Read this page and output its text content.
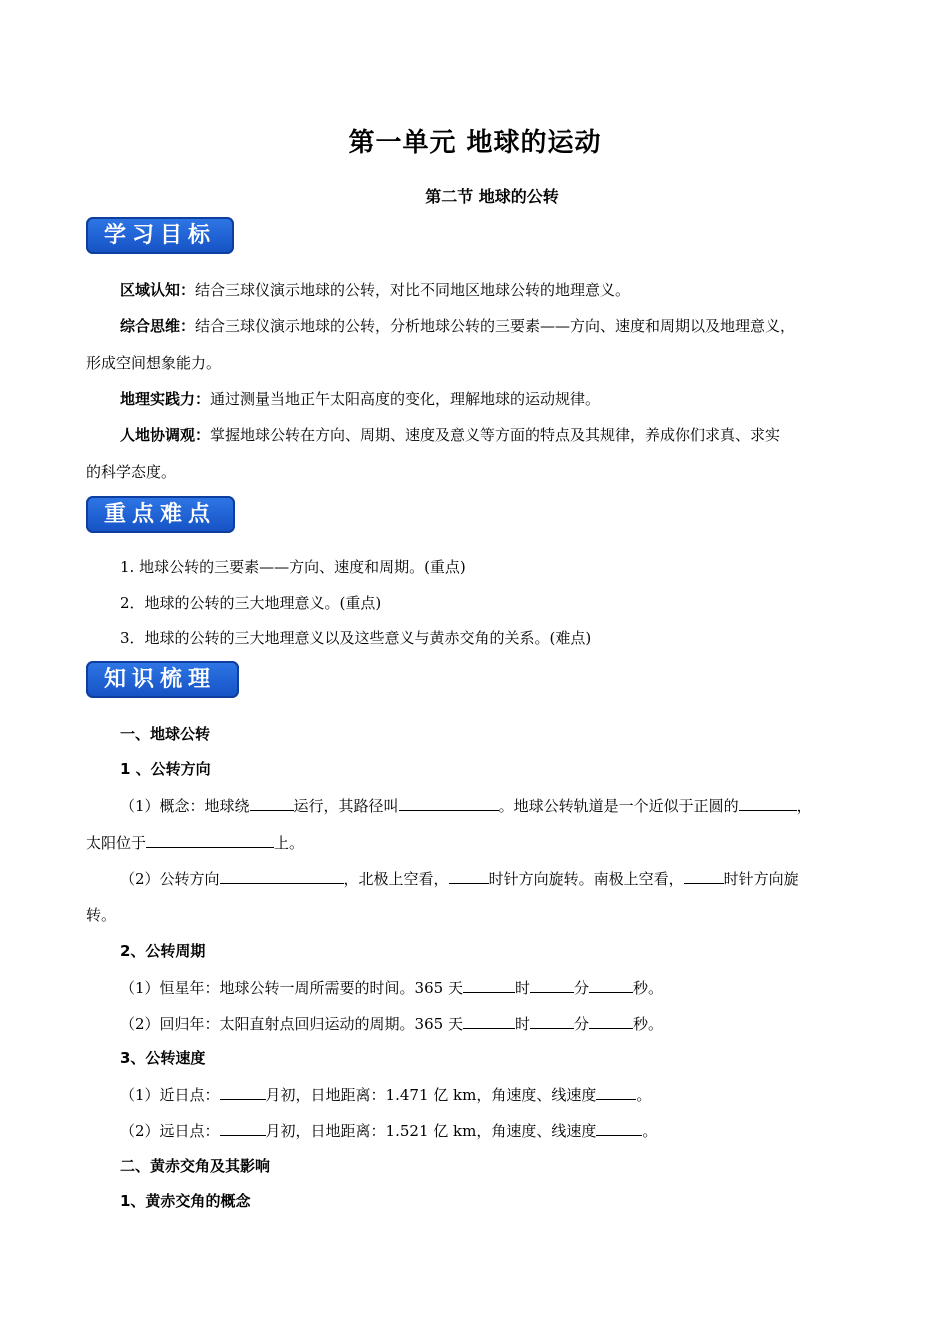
第一单元 地球的运动
第二节 地球的公转
学习目标
区域认知：结合三球仪演示地球的公转，对比不同地区地球公转的地理意义。
综合思维：结合三球仪演示地球的公转，分析地球公转的三要素——方向、速度和周期以及地理意义，
形成空间想象能力。
地理实践力：通过测量当地正午太阳高度的变化，理解地球的运动规律。
人地协调观：掌握地球公转在方向、周期、速度及意义等方面的特点及其规律，养成你们求真、求实
的科学态度。
重点难点
1. 地球公转的三要素——方向、速度和周期。(重点)
2．地球的公转的三大地理意义。(重点)
3．地球的公转的三大地理意义以及这些意义与黄赤交角的关系。(难点)
知识梳理
一、地球公转
1 、公转方向
（1）概念：地球绕	运行，其路径叫	。地球公转轨道是一个近似于正圆的	，
太阳位于	上。
（2）公转方向	，北极上空看，	时针方向旋转。南极上空看，	时针方向旋
转。
2、公转周期
（1）恒星年：地球公转一周所需要的时间。365 天	时	分	秒。
（2）回归年：太阳直射点回归运动的周期。365 天	时	分	秒。
3、公转速度
（1）近日点：	月初，日地距离：1.471 亿 km，角速度、线速度	。
（2）远日点：	月初，日地距离：1.521 亿 km，角速度、线速度	。
二、黄赤交角及其影响
1、黄赤交角的概念
